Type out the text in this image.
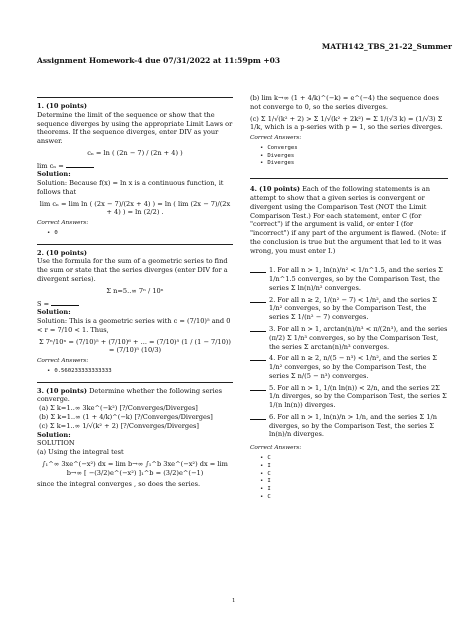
MATH142_TBS_21-22_Summer
Assignment Homework-4 due 07/31/2022 at 11:59pm +03

1. (10 points)

Determine the limit of the sequence or show that the sequence diverges by using the appropriate Limit Laws or theorems. If the sequence diverges, enter DIV as your answer.

cₙ = ln ( (2n − 7) / (2n + 4) )

lim cₙ =

Solution:

Solution: Because f(x) = ln x is a continuous function, it follows that

lim cₙ = lim ln ( (2x − 7)/(2x + 4) ) = ln ( lim (2x − 7)/(2x + 4) ) = ln (2/2) .

Correct Answers:

• 0

2. (10 points)

Use the formula for the sum of a geometric series to find the sum or state that the series diverges (enter DIV for a divergent series).

Σ n=5..∞ 7ⁿ / 10ⁿ

S =

Solution:

Solution: This is a geometric series with c = (7/10)⁵ and 0 < r = 7/10 < 1. Thus,

Σ 7ⁿ/10ⁿ = (7/10)⁵ + (7/10)⁶ + ... = (7/10)⁵ (1 / (1 − 7/10)) = (7/10)⁵ (10/3)

Correct Answers:

• 0.560233333333333

3. (10 points) Determine whether the following series converge.

(a) Σ k=1..∞ 3ke^(−k²) [?/Converges/Diverges]

(b) Σ k=1..∞ (1 + 4/k)^(−k) [?/Converges/Diverges]

(c) Σ k=1..∞ 1/√(k² + 2) [?/Converges/Diverges]

Solution:

SOLUTION

(a) Using the integral test

∫₁^∞ 3xe^(−x²) dx = lim b→∞ ∫₁^b 3xe^(−x²) dx = lim b→∞ [ −(3/2)e^(−x²) ]₁^b = (3/2)e^(−1)

since the integral converges , so does the series.

(b) lim k→∞ (1 + 4/k)^(−k) = e^(−4) the sequence does not converge to 0, so the series diverges.

(c) Σ 1/√(k² + 2) > Σ 1/√(k² + 2k²) = Σ 1/(√3 k) = (1/√3) Σ 1/k, which is a p-series with p = 1, so the series diverges.

Correct Answers:

• Converges
• Diverges
• Diverges

4. (10 points) Each of the following statements is an attempt to show that a given series is convergent or divergent using the Comparison Test (NOT the Limit Comparison Test.) For each statement, enter C (for "correct") if the argument is valid, or enter I (for "incorrect") if any part of the argument is flawed. (Note: if the conclusion is true but the argument that led to it was wrong, you must enter I.)

1. For all n > 1, ln(n)/n² < 1/n^1.5, and the series Σ 1/n^1.5 converges, so by the Comparison Test, the series Σ ln(n)/n² converges.
2. For all n ≥ 2, 1/(n² − 7) < 1/n², and the series Σ 1/n² converges, so by the Comparison Test, the series Σ 1/(n² − 7) converges.
3. For all n > 1, arctan(n)/n³ < π/(2n³), and the series (π/2) Σ 1/n³ converges, so by the Comparison Test, the series Σ arctan(n)/n³ converges.
4. For all n ≥ 2, n/(5 − n³) < 1/n², and the series Σ 1/n² converges, so by the Comparison Test, the series Σ n/(5 − n³) converges.
5. For all n > 1, 1/(n ln(n)) < 2/n, and the series 2Σ 1/n diverges, so by the Comparison Test, the series Σ 1/(n ln(n)) diverges.
6. For all n > 1, ln(n)/n > 1/n, and the series Σ 1/n diverges, so by the Comparison Test, the series Σ ln(n)/n diverges.

Correct Answers:

• C
• I
• C
• I
• I
• C
1
